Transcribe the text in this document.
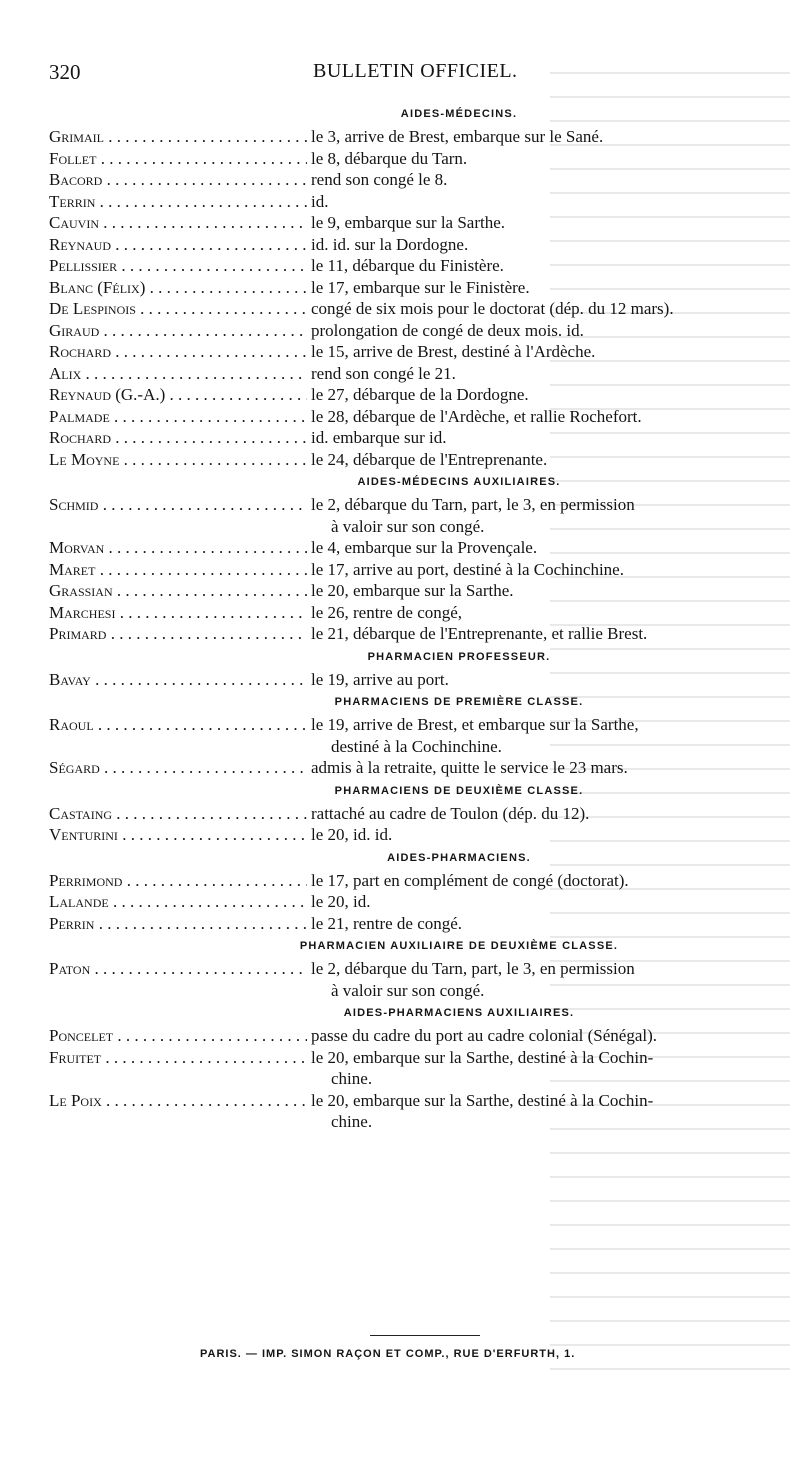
320	BULLETIN OFFICIEL.
AIDES-MÉDECINS.
Grimail . . .	le 3, arrive de Brest, embarque sur le Sané.
Follet . . .	le 8, débarque du Tarn.
Bacord . . .	rend son congé le 8.
Terrin . . .	id.
Cauvin . . .	le 9, embarque sur la Sarthe.
Reynaud . . .	id. id. sur la Dordogne.
Pellissier . . .	le 11, débarque du Finistère.
Blanc (Félix) . . .	le 17, embarque sur le Finistère.
De Lespinois . . .	congé de six mois pour le doctorat (dép. du 12 mars).
Giraud . . .	prolongation de congé de deux mois. id.
Rochard . . .	le 15, arrive de Brest, destiné à l'Ardèche.
Alix . . .	rend son congé le 21.
Reynaud (G.-A.) . . .	le 27, débarque de la Dordogne.
Palmade . . .	le 28, débarque de l'Ardèche, et rallie Rochefort.
Rochard . . .	id. embarque sur id.
Le Moyne . . .	le 24, débarque de l'Entreprenante.
AIDES-MÉDECINS AUXILIAIRES.
Schmid . . .	le 2, débarque du Tarn, part, le 3, en permission
à valoir sur son congé.
Morvan . . .	le 4, embarque sur la Provençale.
Maret . . .	le 17, arrive au port, destiné à la Cochinchine.
Grassian . . .	le 20, embarque sur la Sarthe.
Marchesi . . .	le 26, rentre de congé,
Primard . . .	le 21, débarque de l'Entreprenante, et rallie Brest.
PHARMACIEN PROFESSEUR.
Bavay . . .	le 19, arrive au port.
PHARMACIENS DE PREMIÈRE CLASSE.
Raoul . . .	le 19, arrive de Brest, et embarque sur la Sarthe,
destiné à la Cochinchine.
Ségard . . .	admis à la retraite, quitte le service le 23 mars.
PHARMACIENS DE DEUXIÈME CLASSE.
Castaing . . .	rattaché au cadre de Toulon (dép. du 12).
Venturini . . .	le 20, id. id.
AIDES-PHARMACIENS.
Perrimond . . .	le 17, part en complément de congé (doctorat).
Lalande . . .	le 20, id.
Perrin . . .	le 21, rentre de congé.
PHARMACIEN AUXILIAIRE DE DEUXIÈME CLASSE.
Paton . . .	le 2, débarque du Tarn, part, le 3, en permission
à valoir sur son congé.
AIDES-PHARMACIENS AUXILIAIRES.
Poncelet . . .	passe du cadre du port au cadre colonial (Sénégal).
Fruitet . . .	le 20, embarque sur la Sarthe, destiné à la Cochin-
chine.
Le Poix . . .	le 20, embarque sur la Sarthe, destiné à la Cochin-
chine.
PARIS. — IMP. SIMON RAÇON ET COMP., RUE D'ERFURTH, 1.
